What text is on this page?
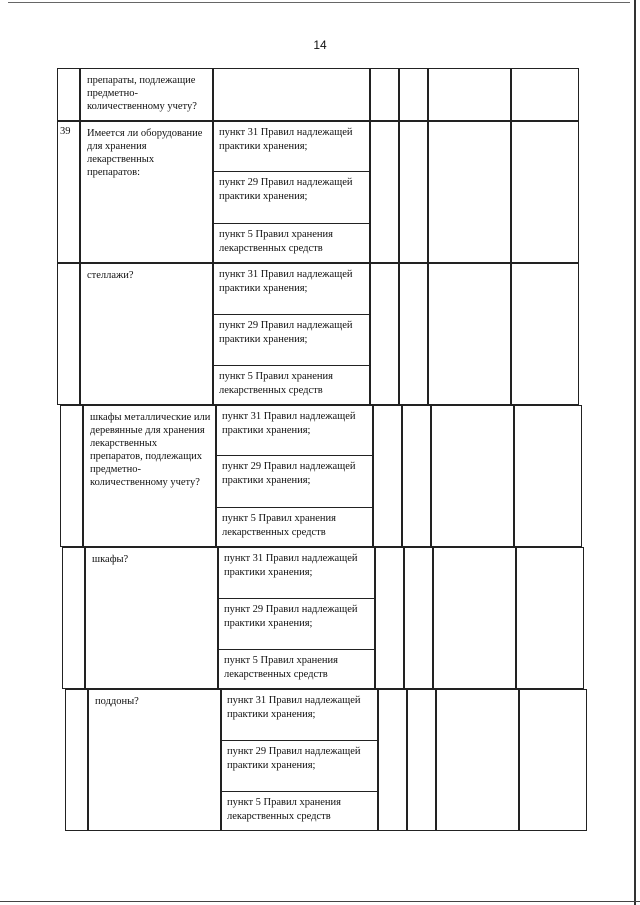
14
препараты, подлежащие предметно-количественному учету?
39	Имеется ли оборудование для хранения лекарственных препаратов:
пункт 31 Правил надлежащей практики хранения;
пункт 29 Правил надлежащей практики хранения;
пункт 5 Правил хранения лекарственных средств
стеллажи?	пункт 31 Правил надлежащей практики хранения;
пункт 29 Правил надлежащей практики хранения;
пункт 5 Правил хранения лекарственных средств
шкафы металлические или деревянные для хранения лекарственных препаратов, подлежащих предметно-количественному учету?
пункт 31 Правил надлежащей практики хранения;
пункт 29 Правил надлежащей практики хранения;
пункт 5 Правил хранения лекарственных средств
шкафы?	пункт 31 Правил надлежащей практики хранения;
пункт 29 Правил надлежащей практики хранения;
пункт 5 Правил хранения лекарственных средств
поддоны?	пункт 31 Правил надлежащей практики хранения;
пункт 29 Правил надлежащей практики хранения;
пункт 5 Правил хранения лекарственных средств
